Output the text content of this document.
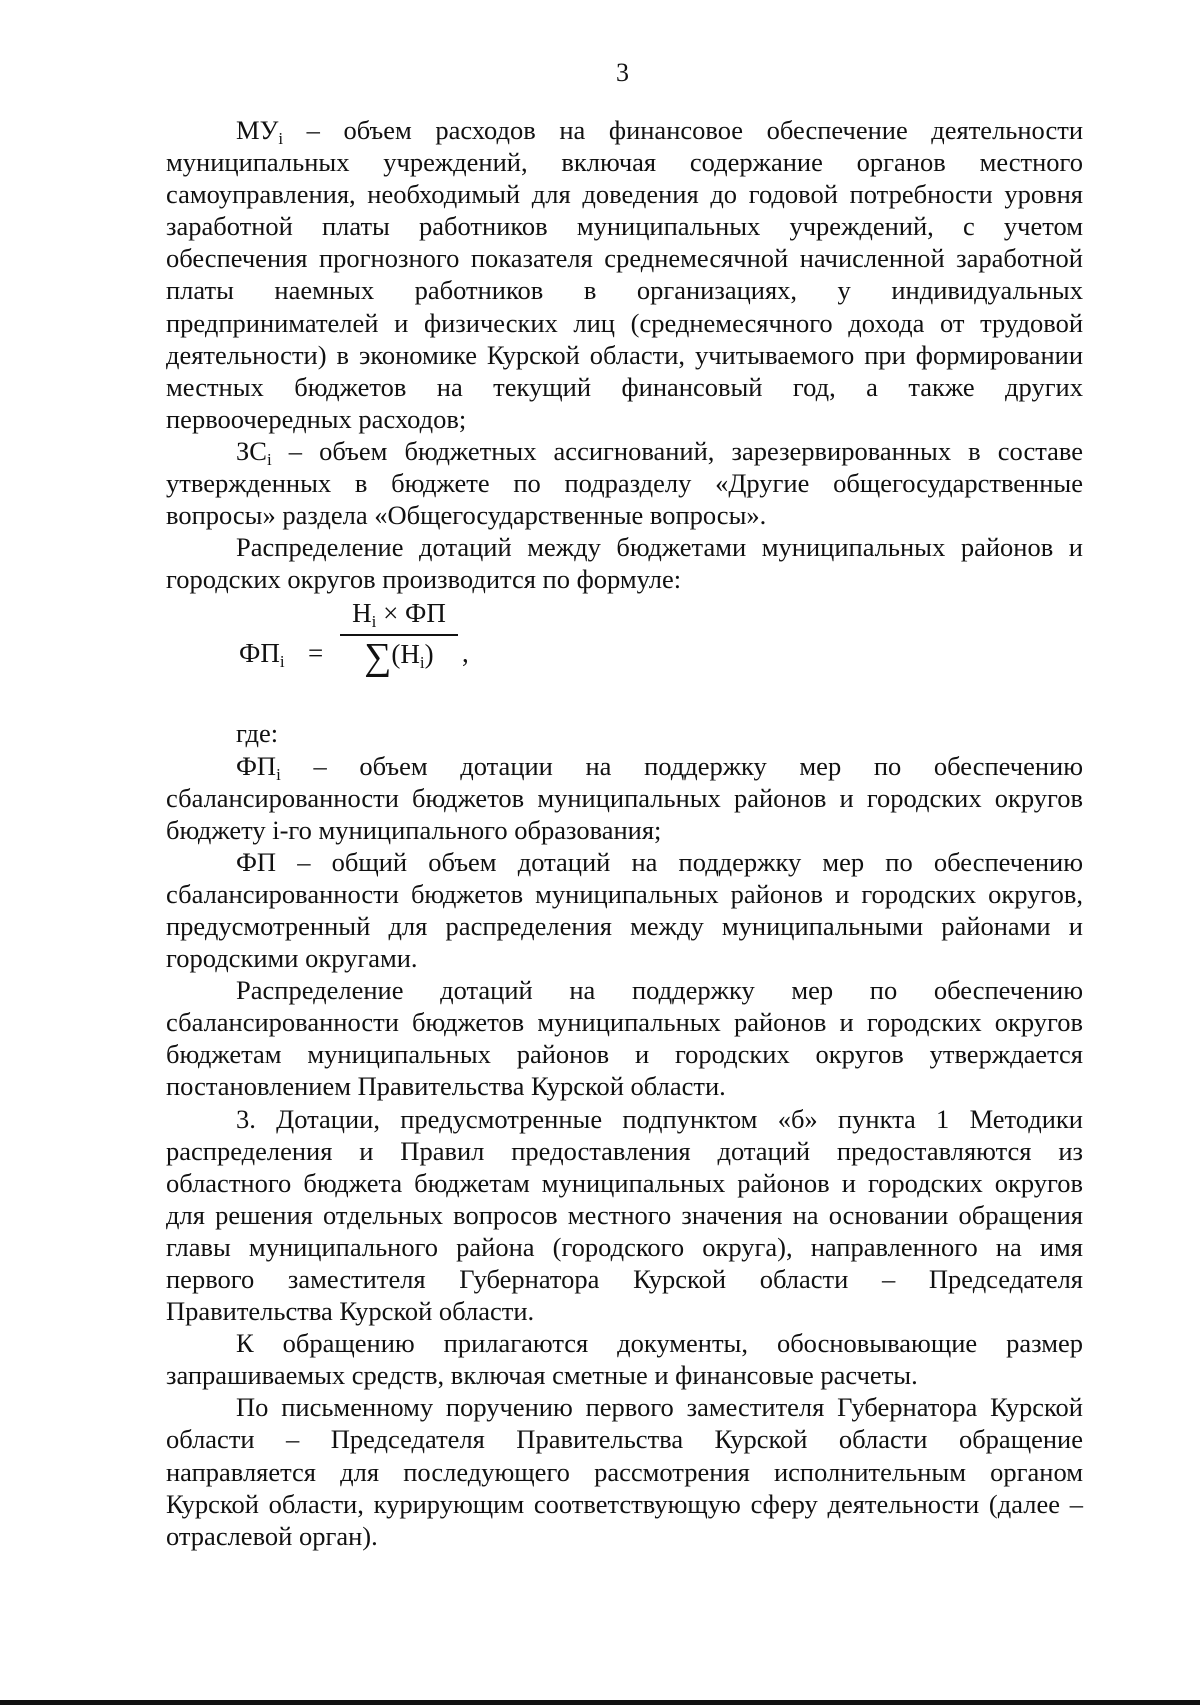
3

$МУ_i$ – объем расходов на финансовое обеспечение деятельности муниципальных учреждений, включая содержание органов местного самоуправления, необходимый для доведения до годовой потребности уровня заработной платы работников муниципальных учреждений, с учетом обеспечения прогнозного показателя среднемесячной начисленной заработной платы наемных работников в организациях, у индивидуальных предпринимателей и физических лиц (среднемесячного дохода от трудовой деятельности) в экономике Курской области, учитываемого при формировании местных бюджетов на текущий финансовый год, а также других первоочередных расходов;

$ЗС_i$ – объем бюджетных ассигнований, зарезервированных в составе утвержденных в бюджете по подразделу «Другие общегосударственные вопросы» раздела «Общегосударственные вопросы».

Распределение дотаций между бюджетами муниципальных районов и городских округов производится по формуле:

$ФП_i$ =
$Н_i$ × ФП
$\sum(Н_i)$	,

где:

$ФП_i$ – объем дотации на поддержку мер по обеспечению сбалансированности бюджетов муниципальных районов и городских округов бюджету i-го муниципального образования;

ФП – общий объем дотаций на поддержку мер по обеспечению сбалансированности бюджетов муниципальных районов и городских округов, предусмотренный для распределения между муниципальными районами и городскими округами.

Распределение дотаций на поддержку мер по обеспечению сбалансированности бюджетов муниципальных районов и городских округов бюджетам муниципальных районов и городских округов утверждается постановлением Правительства Курской области.

3. Дотации, предусмотренные подпунктом «б» пункта 1 Методики распределения и Правил предоставления дотаций предоставляются из областного бюджета бюджетам муниципальных районов и городских округов для решения отдельных вопросов местного значения на основании обращения главы муниципального района (городского округа), направленного на имя первого заместителя Губернатора Курской области – Председателя Правительства Курской области.

К обращению прилагаются документы, обосновывающие размер запрашиваемых средств, включая сметные и финансовые расчеты.

По письменному поручению первого заместителя Губернатора Курской области – Председателя Правительства Курской области обращение направляется для последующего рассмотрения исполнительным органом Курской области, курирующим соответствующую сферу деятельности (далее – отраслевой орган).
